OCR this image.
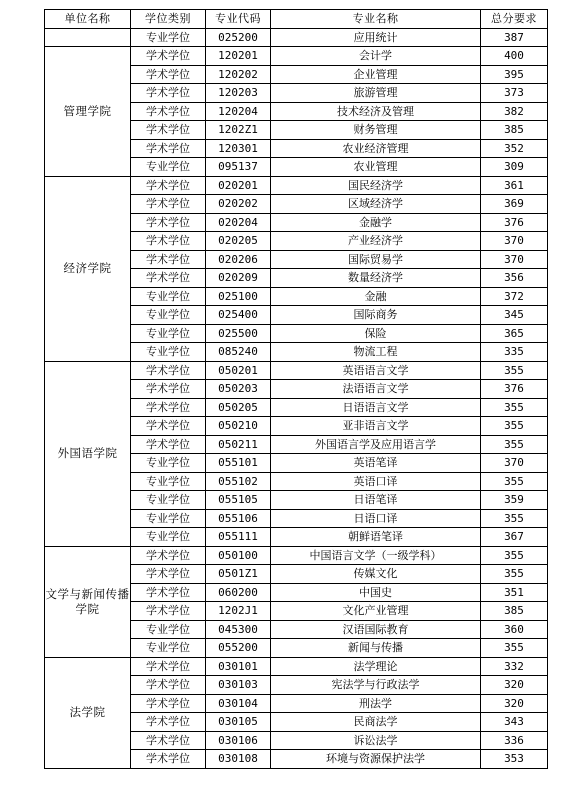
单位名称	学位类别	专业代码	专业名称	总分要求
	专业学位	025200	应用统计	387
管理学院	学术学位	120201	会计学	400
	学术学位	120202	企业管理	395
	学术学位	120203	旅游管理	373
	学术学位	120204	技术经济及管理	382
	学术学位	1202Z1	财务管理	385
	学术学位	120301	农业经济管理	352
	专业学位	095137	农业管理	309
经济学院	学术学位	020201	国民经济学	361
	学术学位	020202	区域经济学	369
	学术学位	020204	金融学	376
	学术学位	020205	产业经济学	370
	学术学位	020206	国际贸易学	370
	学术学位	020209	数量经济学	356
	专业学位	025100	金融	372
	专业学位	025400	国际商务	345
	专业学位	025500	保险	365
	专业学位	085240	物流工程	335
外国语学院	学术学位	050201	英语语言文学	355
	学术学位	050203	法语语言文学	376
	学术学位	050205	日语语言文学	355
	学术学位	050210	亚非语言文学	355
	学术学位	050211	外国语言学及应用语言学	355
	专业学位	055101	英语笔译	370
	专业学位	055102	英语口译	355
	专业学位	055105	日语笔译	359
	专业学位	055106	日语口译	355
	专业学位	055111	朝鲜语笔译	367
文学与新闻传播学院	学术学位	050100	中国语言文学（一级学科）	355
	学术学位	0501Z1	传媒文化	355
	学术学位	060200	中国史	351
	学术学位	1202J1	文化产业管理	385
	专业学位	045300	汉语国际教育	360
	专业学位	055200	新闻与传播	355
法学院	学术学位	030101	法学理论	332
	学术学位	030103	宪法学与行政法学	320
	学术学位	030104	刑法学	320
	学术学位	030105	民商法学	343
	学术学位	030106	诉讼法学	336
	学术学位	030108	环境与资源保护法学	353
